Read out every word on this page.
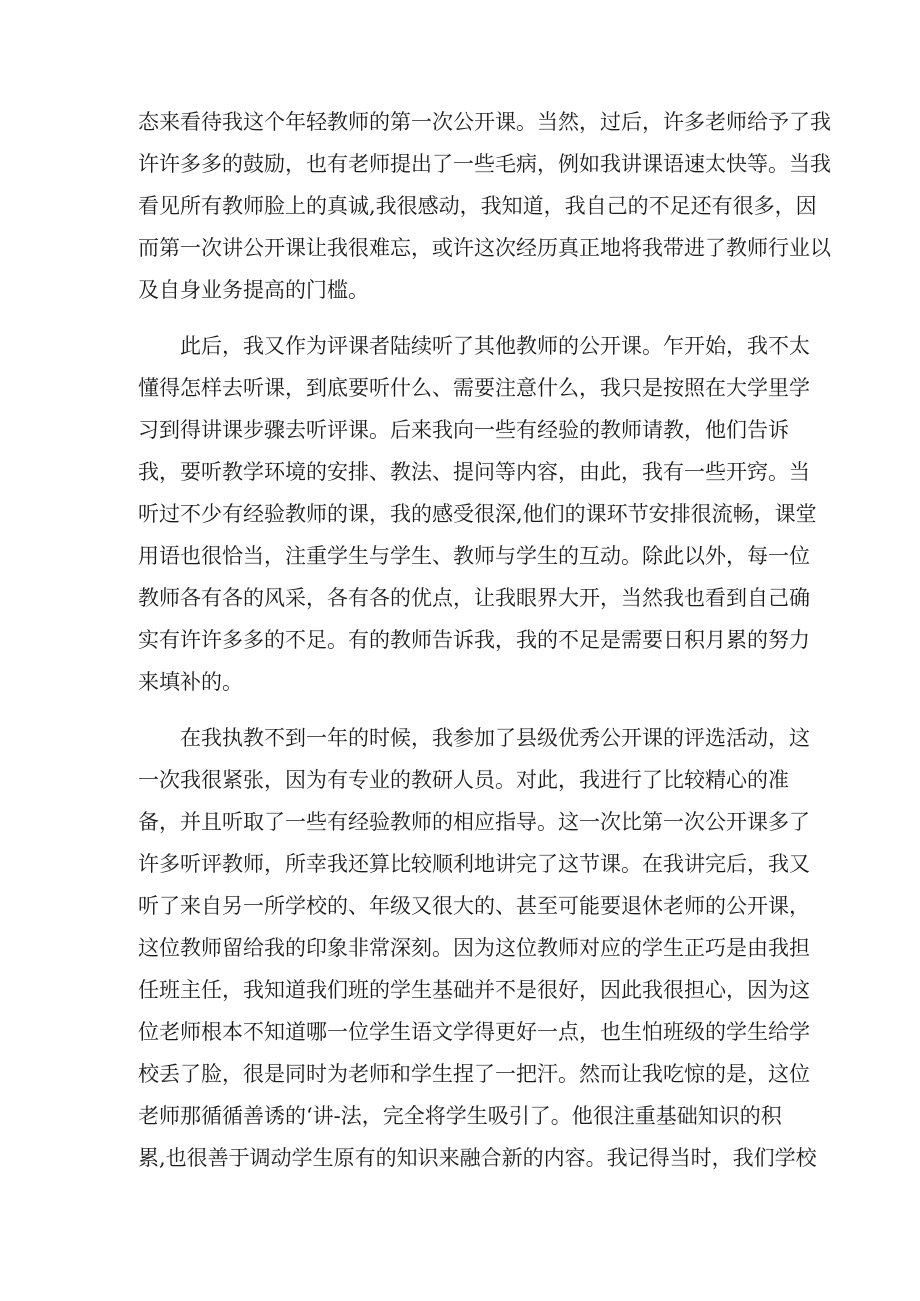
态来看待我这个年轻教师的第一次公开课。当然，过后，许多老师给予了我
许许多多的鼓励，也有老师提出了一些毛病，例如我讲课语速太快等。当我
看见所有教师脸上的真诚,我很感动，我知道，我自己的不足还有很多，因
而第一次讲公开课让我很难忘，或许这次经历真正地将我带进了教师行业以
及自身业务提高的门槛。
此后，我又作为评课者陆续听了其他教师的公开课。乍开始，我不太
懂得怎样去听课，到底要听什么、需要注意什么，我只是按照在大学里学
习到得讲课步骤去听评课。后来我向一些有经验的教师请教，他们告诉
我，要听教学环境的安排、教法、提问等内容，由此，我有一些开窍。当
听过不少有经验教师的课，我的感受很深,他们的课环节安排很流畅，课堂
用语也很恰当，注重学生与学生、教师与学生的互动。除此以外，每一位
教师各有各的风采，各有各的优点，让我眼界大开，当然我也看到自己确
实有许许多多的不足。有的教师告诉我，我的不足是需要日积月累的努力
来填补的。
在我执教不到一年的时候，我参加了县级优秀公开课的评选活动，这
一次我很紧张，因为有专业的教研人员。对此，我进行了比较精心的准
备，并且听取了一些有经验教师的相应指导。这一次比第一次公开课多了
许多听评教师，所幸我还算比较顺利地讲完了这节课。在我讲完后，我又
听了来自另一所学校的、年级又很大的、甚至可能要退休老师的公开课，
这位教师留给我的印象非常深刻。因为这位教师对应的学生正巧是由我担
任班主任，我知道我们班的学生基础并不是很好，因此我很担心，因为这
位老师根本不知道哪一位学生语文学得更好一点，也生怕班级的学生给学
校丢了脸，很是同时为老师和学生捏了一把汗。然而让我吃惊的是，这位
老师那循循善诱的‘讲-法，完全将学生吸引了。他很注重基础知识的积
累,也很善于调动学生原有的知识来融合新的内容。我记得当时，我们学校
